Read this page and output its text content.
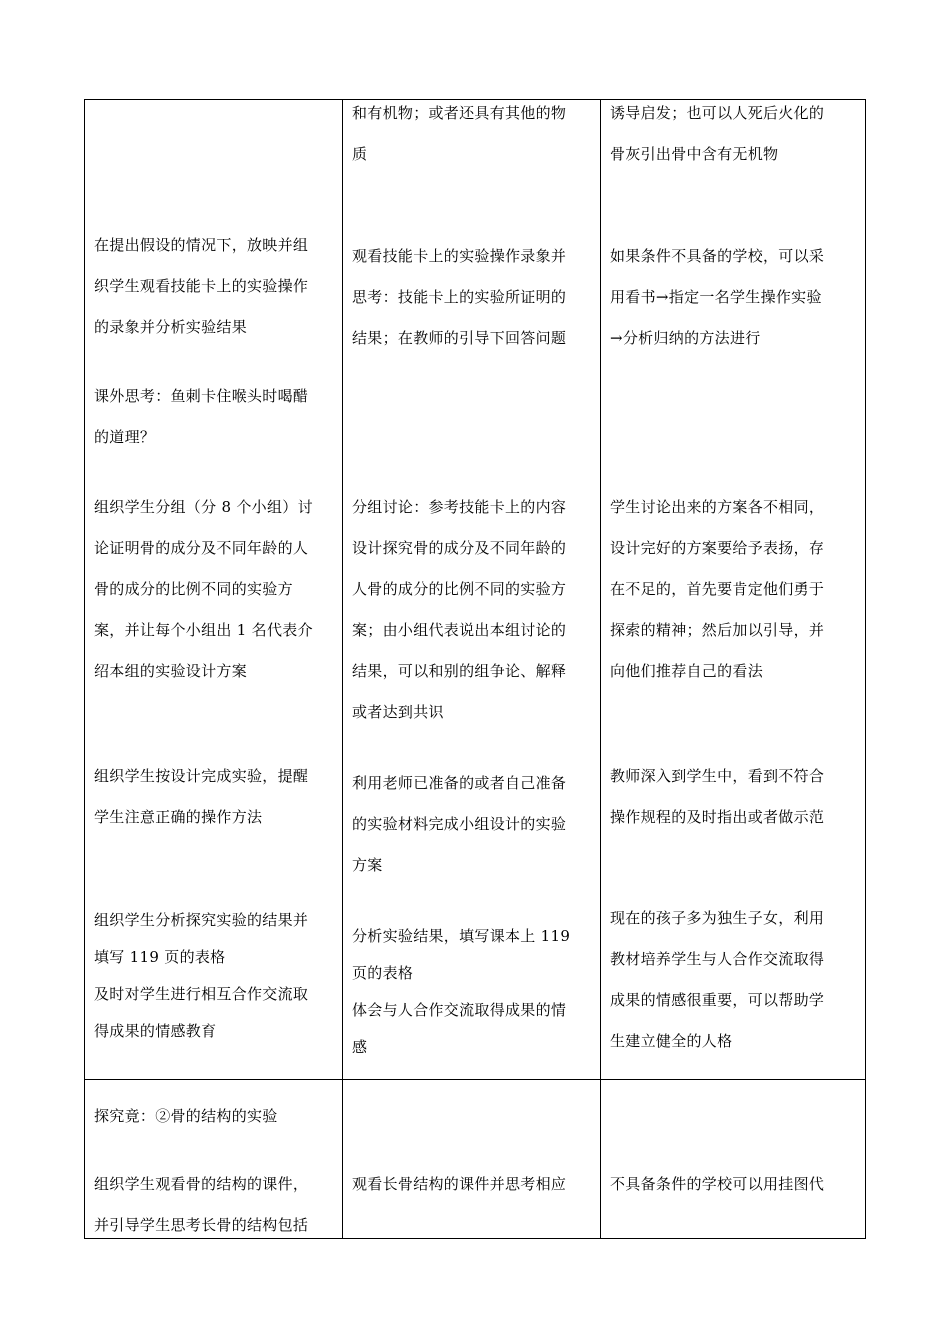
在提出假设的情况下，放映并组
织学生观看技能卡上的实验操作
的录象并分析实验结果
课外思考：鱼刺卡住喉头时喝醋
的道理？
组织学生分组（分 8 个小组）讨
论证明骨的成分及不同年龄的人
骨的成分的比例不同的实验方
案，并让每个小组出 1 名代表介
绍本组的实验设计方案
组织学生按设计完成实验，提醒
学生注意正确的操作方法
组织学生分析探究实验的结果并
填写 119 页的表格
及时对学生进行相互合作交流取
得成果的情感教育
和有机物；或者还具有其他的物
质
观看技能卡上的实验操作录象并
思考：技能卡上的实验所证明的
结果；在教师的引导下回答问题
分组讨论：参考技能卡上的内容
设计探究骨的成分及不同年龄的
人骨的成分的比例不同的实验方
案；由小组代表说出本组讨论的
结果，可以和别的组争论、解释
或者达到共识
利用老师已准备的或者自己准备
的实验材料完成小组设计的实验
方案
分析实验结果，填写课本上 119
页的表格
体会与人合作交流取得成果的情
感
诱导启发；也可以人死后火化的
骨灰引出骨中含有无机物
如果条件不具备的学校，可以采
用看书→指定一名学生操作实验
→分析归纳的方法进行
学生讨论出来的方案各不相同，
设计完好的方案要给予表扬，存
在不足的，首先要肯定他们勇于
探索的精神；然后加以引导，并
向他们推荐自己的看法
教师深入到学生中，看到不符合
操作规程的及时指出或者做示范
现在的孩子多为独生子女，利用
教材培养学生与人合作交流取得
成果的情感很重要，可以帮助学
生建立健全的人格
探究竟：②骨的结构的实验
组织学生观看骨的结构的课件，
并引导学生思考长骨的结构包括
观看长骨结构的课件并思考相应	不具备条件的学校可以用挂图代
